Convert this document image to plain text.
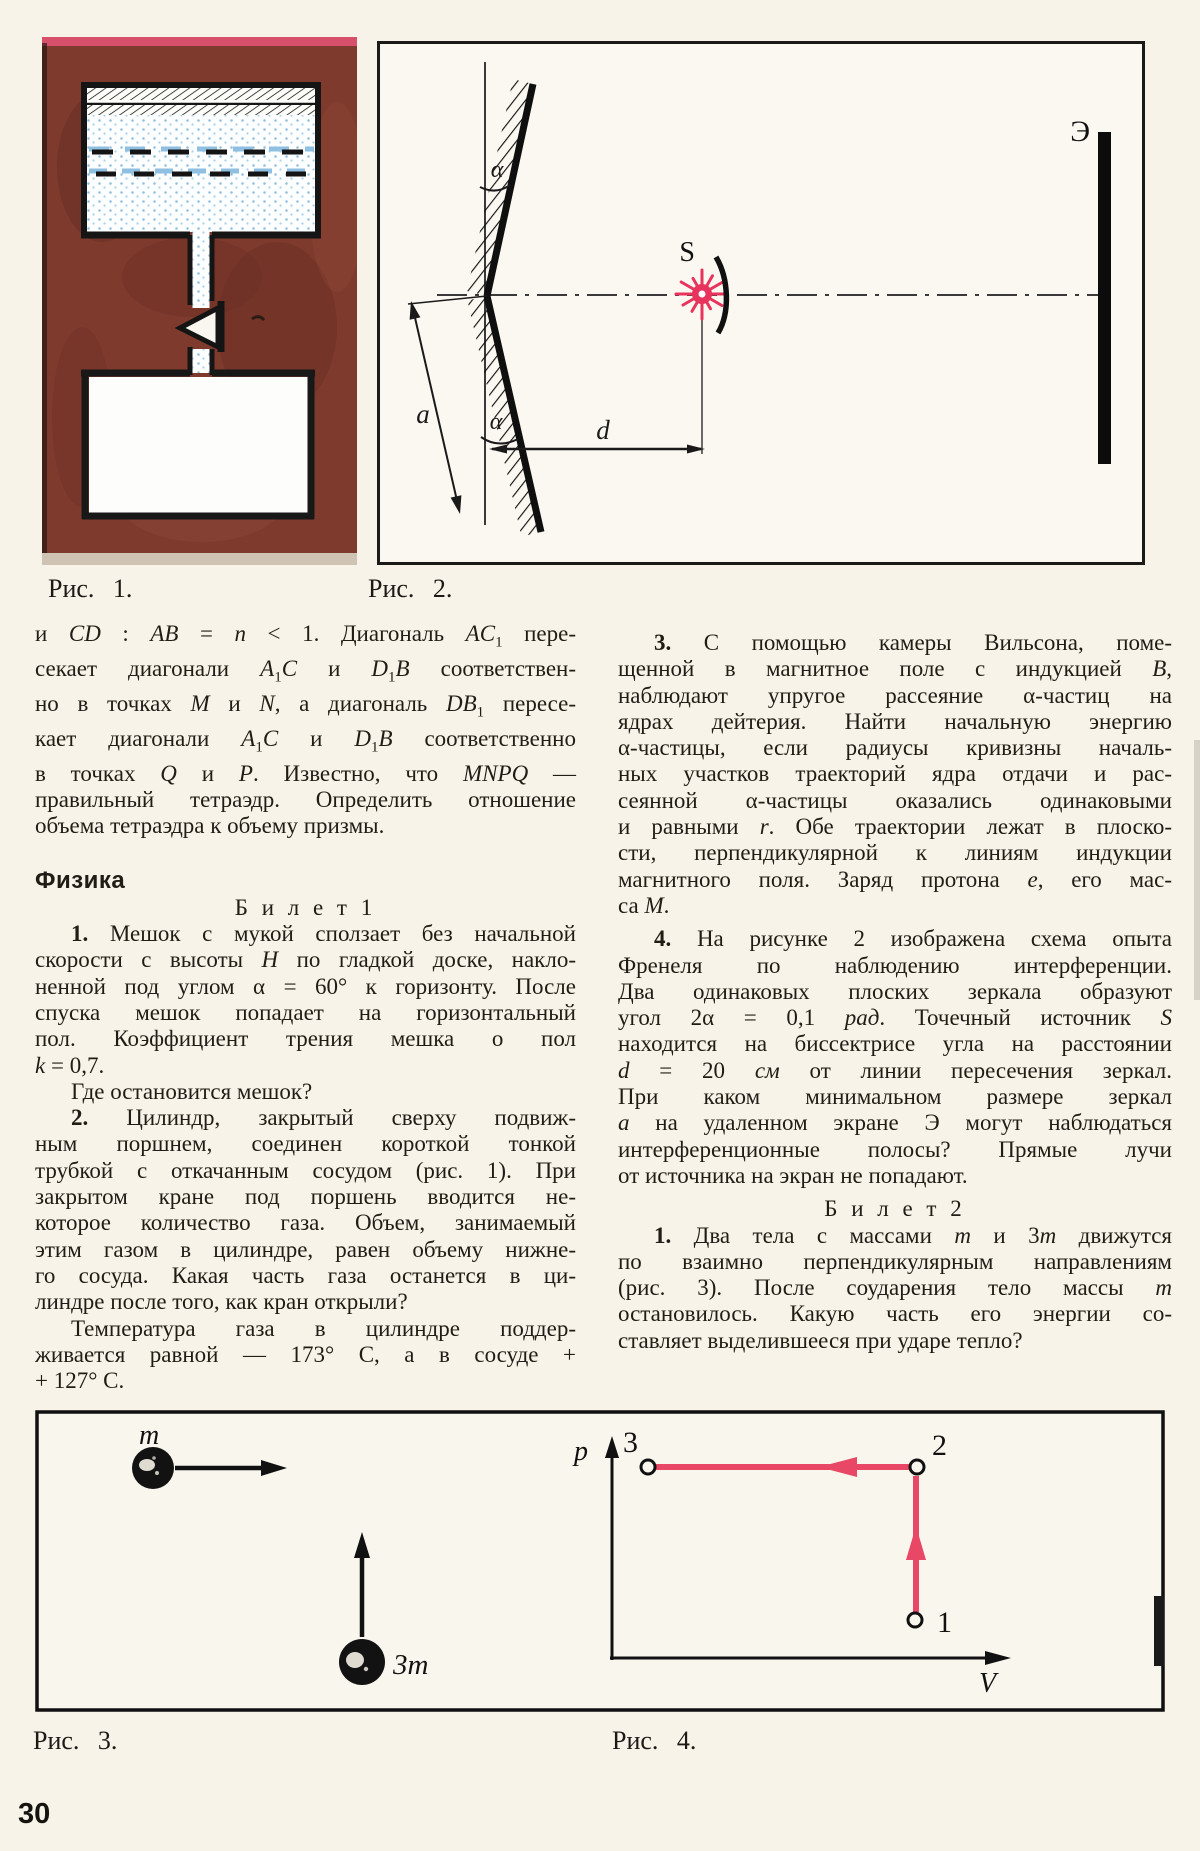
α
α
a
d
S
Э
Рис. 1.	Рис. 2.
и CD : AB = n < 1. Диагональ $AC_1$ пере-
секает диагонали $A_1C$ и $D_1B$ соответствен-
но в точках M и N, а диагональ $DB_1$ пересе-
кает диагонали $A_1C$ и $D_1B$ соответственно
в точках Q и P. Известно, что MNPQ —
правильный тетраэдр. Определить отношение
объема тетраэдра к объему призмы.
Физика
Б и л е т 1
1. Мешок с мукой сползает без начальной
скорости с высоты H по гладкой доске, накло-
ненной под углом α = 60° к горизонту. После
спуска мешок попадает на горизонтальный
пол. Коэффициент трения мешка о пол
k = 0,7.
Где остановится мешок?
2. Цилиндр, закрытый сверху подвиж-
ным поршнем, соединен короткой тонкой
трубкой с откачанным сосудом (рис. 1). При
закрытом кране под поршень вводится не-
которое количество газа. Объем, занимаемый
этим газом в цилиндре, равен объему нижне-
го сосуда. Какая часть газа останется в ци-
линдре после того, как кран открыли?
Температура газа в цилиндре поддер-
живается равной — 173° С, а в сосуде +
+ 127° С.
3. С помощью камеры Вильсона, поме-
щенной в магнитное поле с индукцией B,
наблюдают упругое рассеяние α-частиц на
ядрах дейтерия. Найти начальную энергию
α-частицы, если радиусы кривизны началь-
ных участков траекторий ядра отдачи и рас-
сеянной α-частицы оказались одинаковыми
и равными r. Обе траектории лежат в плоско-
сти, перпендикулярной к линиям индукции
магнитного поля. Заряд протона e, его мас-
са M.
4. На рисунке 2 изображена схема опыта
Френеля по наблюдению интерференции.
Два одинаковых плоских зеркала образуют
угол 2α = 0,1 рад. Точечный источник S
находится на биссектрисе угла на расстоянии
d = 20 см от линии пересечения зеркал.
При каком минимальном размере зеркал
a на удаленном экране Э могут наблюдаться
интерференционные полосы? Прямые лучи
от источника на экран не попадают.
Б и л е т 2
1. Два тела с массами m и 3m движутся
по взаимно перпендикулярным направлениям
(рис. 3). После соударения тело массы m
остановилось. Какую часть его энергии со-
ставляет выделившееся при ударе тепло?
m
3m
p
V
3	2
1
Рис. 3.	Рис. 4.
30
